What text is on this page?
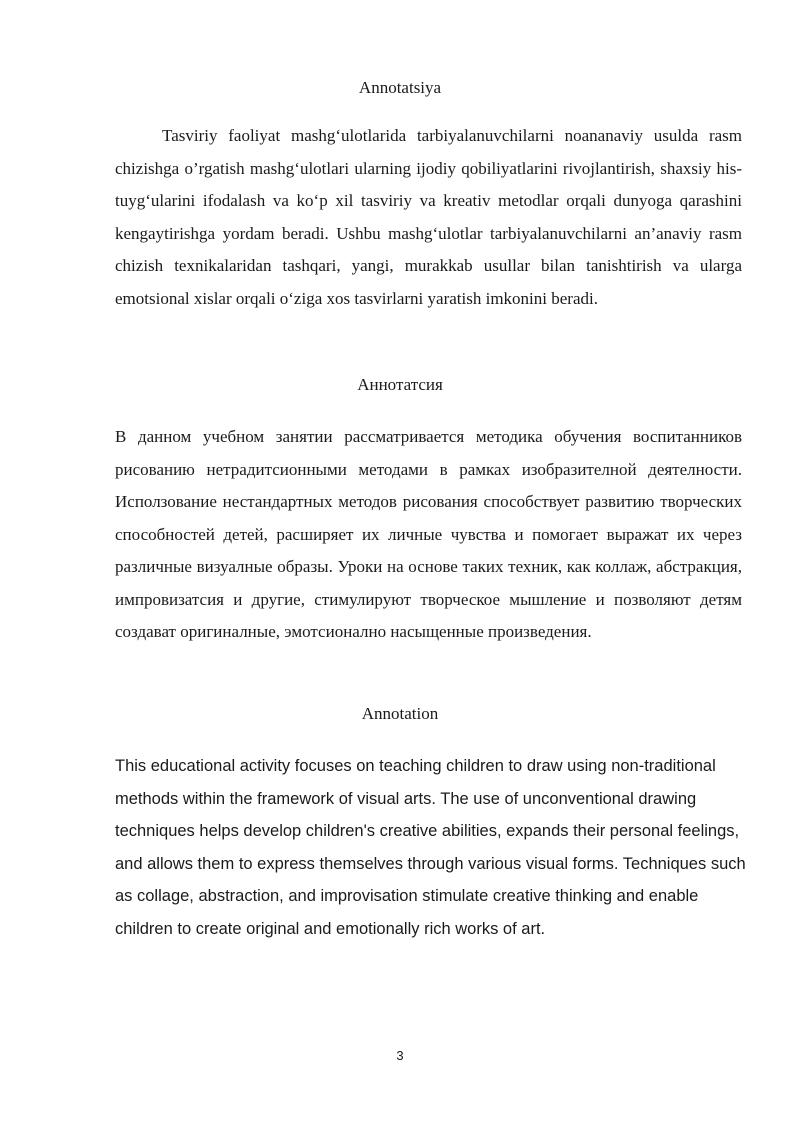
Annotatsiya

Tasviriy faoliyat mashg‘ulotlarida tarbiyalanuvchilarni noananaviy usulda rasm chizishga o’rgatish mashg‘ulotlari ularning ijodiy qobiliyatlarini rivojlantirish, shaxsiy his-tuyg‘ularini ifodalash va ko‘p xil tasviriy va kreativ metodlar orqali dunyoga qarashini kengaytirishga yordam beradi. Ushbu mashg‘ulotlar tarbiyalanuvchilarni an’anaviy rasm chizish texnikalaridan tashqari, yangi, murakkab usullar bilan tanishtirish va ularga emotsional xislar orqali o‘ziga xos tasvirlarni yaratish imkonini beradi.

Аннотатсия

В данном учебном занятии рассматривается методика обучения воспитанников рисованию нетрадитсионными методами в рамках изобразителной деятелности. Исползование нестандартных методов рисования способствует развитию творческих способностей детей, расширяет их личные чувства и помогает выражат их через различные визуалные образы. Уроки на основе таких техник, как коллаж, абстракция, импровизатсия и другие, стимулируют творческое мышление и позволяют детям создават оригиналные, эмотсионално насыщенные произведения.

Annotation

This educational activity focuses on teaching children to draw using non-traditional methods within the framework of visual arts. The use of unconventional drawing techniques helps develop children's creative abilities, expands their personal feelings, and allows them to express themselves through various visual forms. Techniques such as collage, abstraction, and improvisation stimulate creative thinking and enable children to create original and emotionally rich works of art.

3
